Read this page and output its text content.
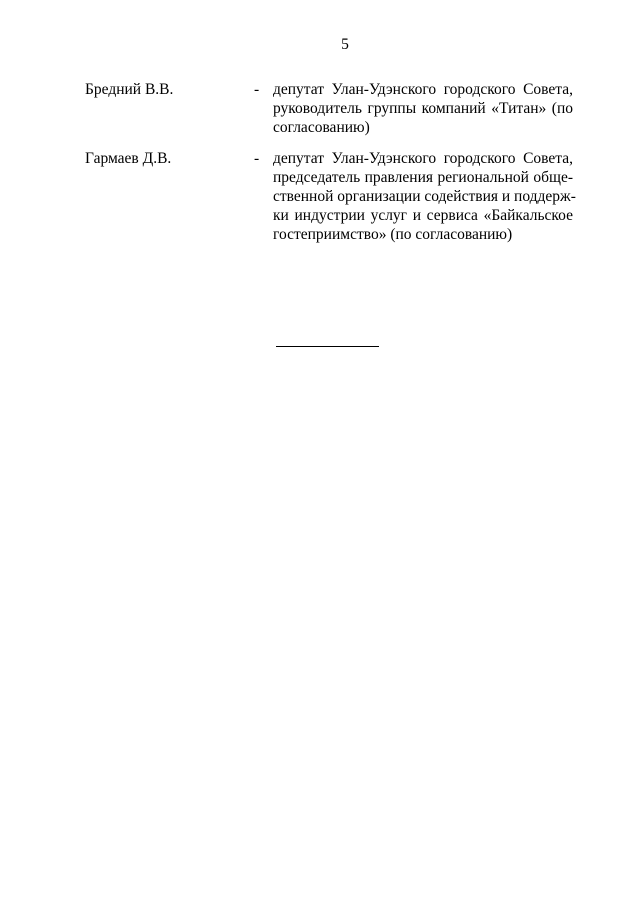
5
Бредний В.В.	- депутат Улан-Удэнского городского Совета,
руководитель группы компаний «Титан» (по
согласованию)
Гармаев Д.В.	- депутат Улан-Удэнского городского Совета,
председатель правления региональной обще-
ственной организации содействия и поддерж-
ки индустрии услуг и сервиса «Байкальское
гостеприимство» (по согласованию)
